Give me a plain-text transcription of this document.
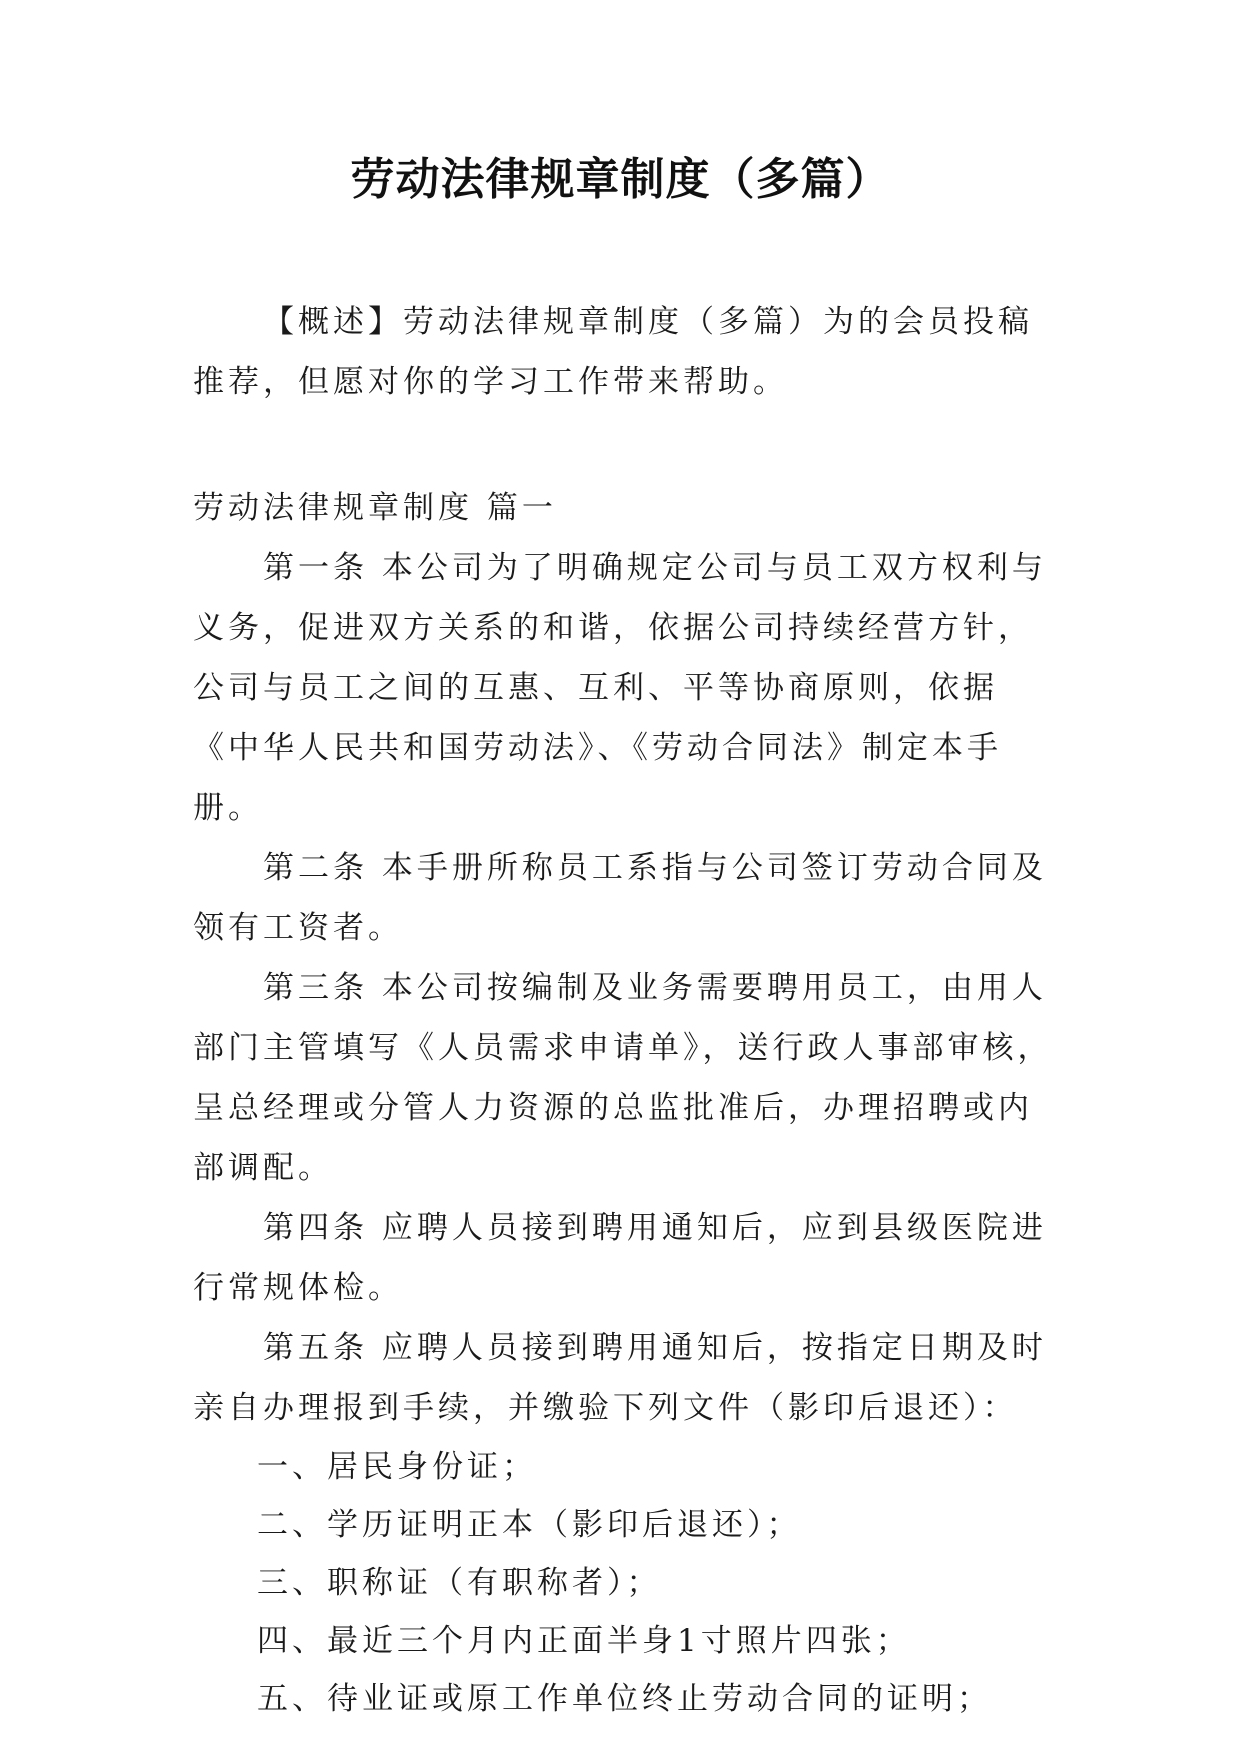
劳动法律规章制度（多篇）

【概述】劳动法律规章制度（多篇）为的会员投稿推荐，但愿对你的学习工作带来帮助。

劳动法律规章制度 篇一

第一条 本公司为了明确规定公司与员工双方权利与义务，促进双方关系的和谐，依据公司持续经营方针，公司与员工之间的互惠、互利、平等协商原则，依据《中华人民共和国劳动法》、《劳动合同法》制定本手册。

第二条 本手册所称员工系指与公司签订劳动合同及领有工资者。

第三条 本公司按编制及业务需要聘用员工，由用人部门主管填写《人员需求申请单》，送行政人事部审核，呈总经理或分管人力资源的总监批准后，办理招聘或内部调配。

第四条 应聘人员接到聘用通知后，应到县级医院进行常规体检。

第五条 应聘人员接到聘用通知后，按指定日期及时亲自办理报到手续，并缴验下列文件（影印后退还）：

一、居民身份证；

二、学历证明正本（影印后退还）；

三、职称证（有职称者）；

四、最近三个月内正面半身1寸照片四张；

五、待业证或原工作单位终止劳动合同的证明；
